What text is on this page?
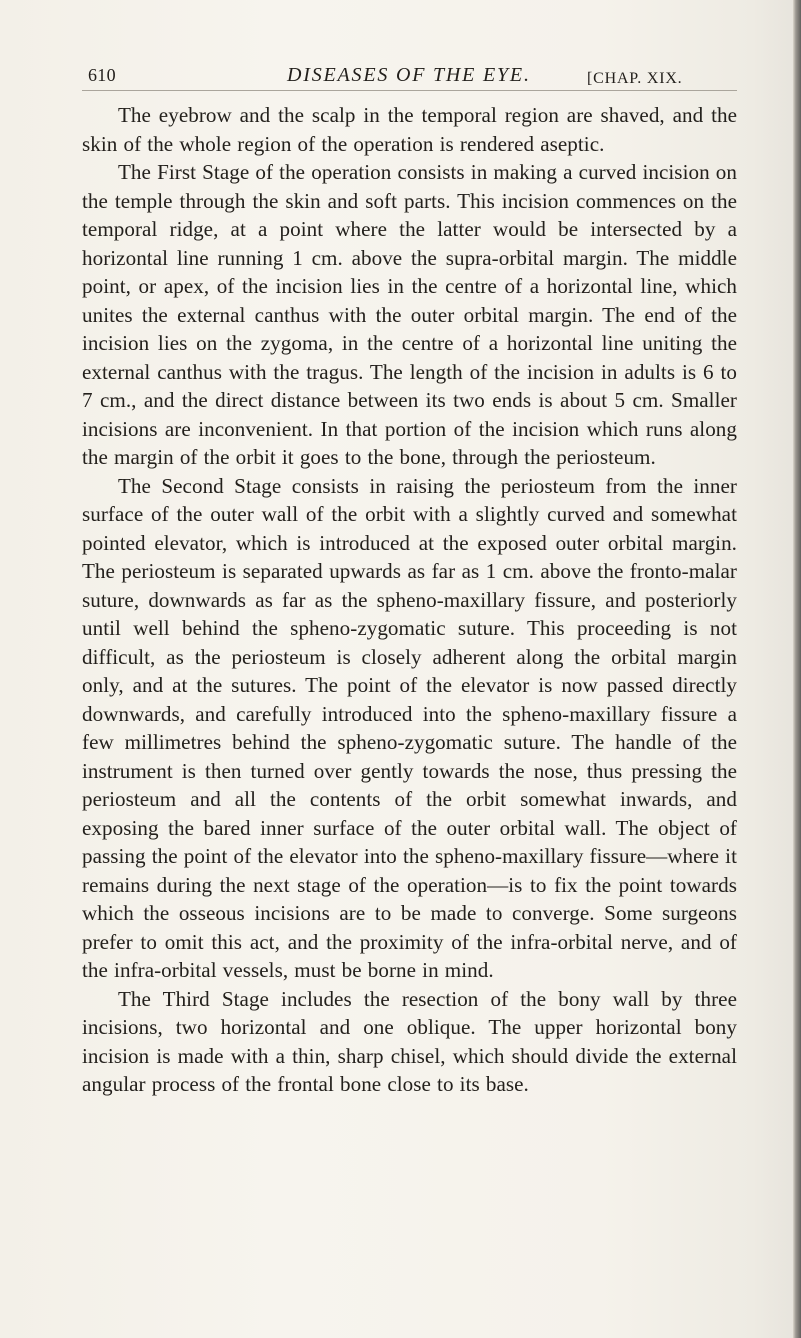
610	DISEASES OF THE EYE.	[CHAP. XIX.

The eyebrow and the scalp in the temporal region are shaved, and the skin of the whole region of the operation is rendered aseptic.

The First Stage of the operation consists in making a curved incision on the temple through the skin and soft parts. This incision commences on the temporal ridge, at a point where the latter would be intersected by a horizontal line running 1 cm. above the supra-orbital margin. The middle point, or apex, of the incision lies in the centre of a horizontal line, which unites the external canthus with the outer orbital margin. The end of the incision lies on the zygoma, in the centre of a horizontal line uniting the external canthus with the tragus. The length of the incision in adults is 6 to 7 cm., and the direct distance between its two ends is about 5 cm. Smaller incisions are inconvenient. In that portion of the incision which runs along the margin of the orbit it goes to the bone, through the periosteum.

The Second Stage consists in raising the periosteum from the inner surface of the outer wall of the orbit with a slightly curved and somewhat pointed elevator, which is introduced at the exposed outer orbital margin. The periosteum is separated upwards as far as 1 cm. above the fronto-malar suture, downwards as far as the spheno-maxillary fissure, and posteriorly until well behind the spheno-zygomatic suture. This proceeding is not difficult, as the periosteum is closely adherent along the orbital margin only, and at the sutures. The point of the elevator is now passed directly downwards, and carefully introduced into the spheno-maxillary fissure a few millimetres behind the spheno-zygomatic suture. The handle of the instrument is then turned over gently towards the nose, thus pressing the periosteum and all the contents of the orbit somewhat inwards, and exposing the bared inner surface of the outer orbital wall. The object of passing the point of the elevator into the spheno-maxillary fissure—where it remains during the next stage of the operation—is to fix the point towards which the osseous incisions are to be made to converge. Some surgeons prefer to omit this act, and the proximity of the infra-orbital nerve, and of the infra-orbital vessels, must be borne in mind.

The Third Stage includes the resection of the bony wall by three incisions, two horizontal and one oblique. The upper horizontal bony incision is made with a thin, sharp chisel, which should divide the external angular process of the frontal bone close to its base.
